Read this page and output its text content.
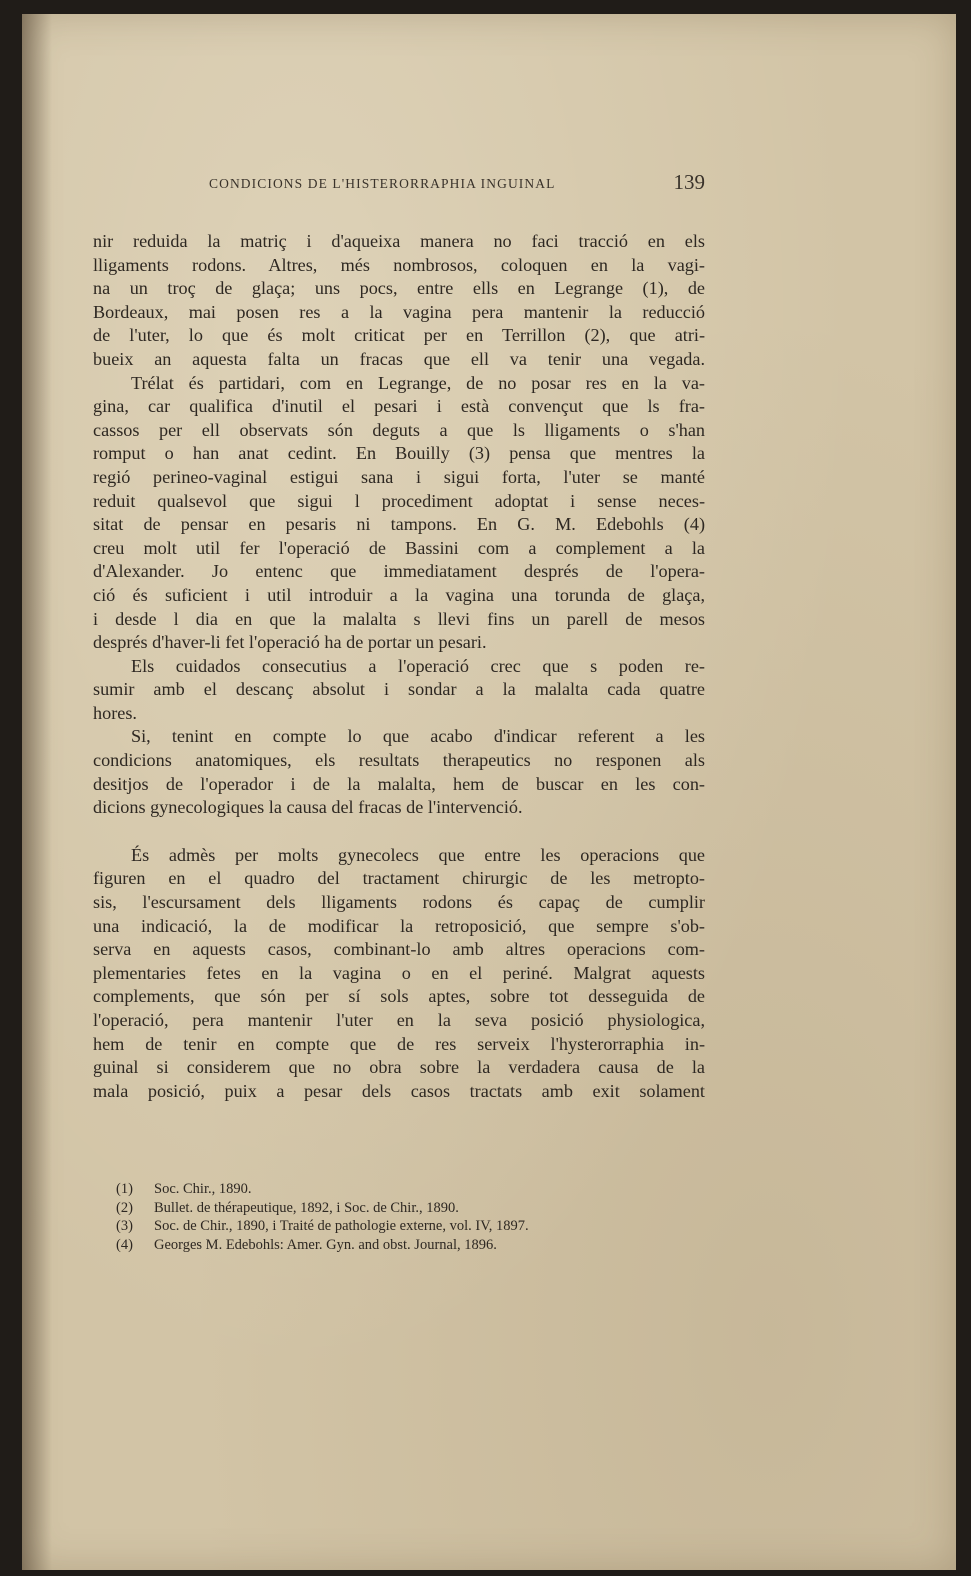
CONDICIONS DE L'HISTERORRAPHIA INGUINAL	139
nir reduida la matriç i d'aqueixa manera no faci tracció en els
lligaments rodons. Altres, més nombrosos, coloquen en la vagi-
na un troç de glaça; uns pocs, entre ells en Legrange (1), de
Bordeaux, mai posen res a la vagina pera mantenir la reducció
de l'uter, lo que és molt criticat per en Terrillon (2), que atri-
bueix an aquesta falta un fracas que ell va tenir una vegada.
Trélat és partidari, com en Legrange, de no posar res en la va-
gina, car qualifica d'inutil el pesari i està convençut que ls fra-
cassos per ell observats són deguts a que ls lligaments o s'han
romput o han anat cedint. En Bouilly (3) pensa que mentres la
regió perineo-vaginal estigui sana i sigui forta, l'uter se manté
reduit qualsevol que sigui l procediment adoptat i sense neces-
sitat de pensar en pesaris ni tampons. En G. M. Edebohls (4)
creu molt util fer l'operació de Bassini com a complement a la
d'Alexander. Jo entenc que immediatament després de l'opera-
ció és suficient i util introduir a la vagina una torunda de glaça,
i desde l dia en que la malalta s llevi fins un parell de mesos
després d'haver-li fet l'operació ha de portar un pesari.
Els cuidados consecutius a l'operació crec que s poden re-
sumir amb el descanç absolut i sondar a la malalta cada quatre
hores.
Si, tenint en compte lo que acabo d'indicar referent a les
condicions anatomiques, els resultats therapeutics no responen als
desitjos de l'operador i de la malalta, hem de buscar en les con-
dicions gynecologiques la causa del fracas de l'intervenció.
És admès per molts gynecolecs que entre les operacions que
figuren en el quadro del tractament chirurgic de les metropto-
sis, l'escursament dels lligaments rodons és capaç de cumplir
una indicació, la de modificar la retroposició, que sempre s'ob-
serva en aquests casos, combinant-lo amb altres operacions com-
plementaries fetes en la vagina o en el periné. Malgrat aquests
complements, que són per sí sols aptes, sobre tot desseguida de
l'operació, pera mantenir l'uter en la seva posició physiologica,
hem de tenir en compte que de res serveix l'hysterorraphia in-
guinal si considerem que no obra sobre la verdadera causa de la
mala posició, puix a pesar dels casos tractats amb exit solament
(1) Soc. Chir., 1890.
(2) Bullet. de thérapeutique, 1892, i Soc. de Chir., 1890.
(3) Soc. de Chir., 1890, i Traité de pathologie externe, vol. IV, 1897.
(4) Georges M. Edebohls: Amer. Gyn. and obst. Journal, 1896.
